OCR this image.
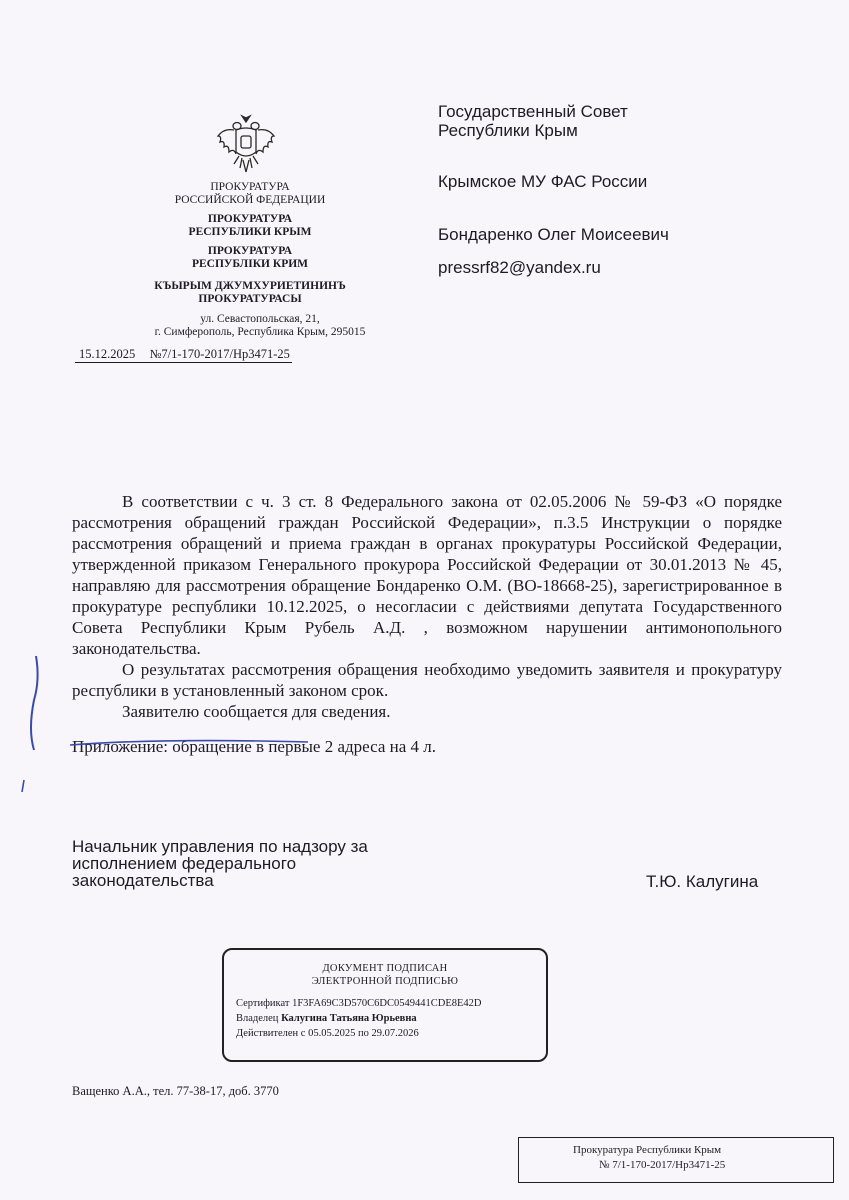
ПРОКУРАТУРА
РОССИЙСКОЙ ФЕДЕРАЦИИ
ПРОКУРАТУРА
РЕСПУБЛИКИ КРЫМ
ПРОКУРАТУРА
РЕСПУБЛІКИ КРИМ
КЪЫРЫМ ДЖУМХУРИЕТИНИНЪ
ПРОКУРАТУРАСЫ
ул. Севастопольская, 21,
г. Симферополь, Республика Крым, 295015
15.12.2025 №7/1-170-2017/Нр3471-25
Государственный Совет
Республики Крым
Крымское МУ ФАС России
Бондаренко Олег Моисеевич
pressrf82@yandex.ru

В соответствии с ч. 3 ст. 8 Федерального закона от 02.05.2006 № 59-ФЗ «О порядке рассмотрения обращений граждан Российской Федерации», п.3.5 Инструкции о порядке рассмотрения обращений и приема граждан в органах прокуратуры Российской Федерации, утвержденной приказом Генерального прокурора Российской Федерации от 30.01.2013 № 45, направляю для рассмотрения обращение Бондаренко О.М. (ВО-18668-25), зарегистрированное в прокуратуре республики 10.12.2025, о несогласии с действиями депутата Государственного Совета Республики Крым Рубель А.Д. , возможном нарушении антимонопольного законодательства.

О результатах рассмотрения обращения необходимо уведомить заявителя и прокуратуру республики в установленный законом срок.

Заявителю сообщается для сведения.

Приложение: обращение в первые 2 адреса на 4 л.

Начальник управления по надзору за
исполнением федерального
законодательства	Т.Ю. Калугина
ДОКУМЕНТ ПОДПИСАН
ЭЛЕКТРОННОЙ ПОДПИСЬЮ
Сертификат 1F3FA69C3D570C6DC0549441CDE8E42D
Владелец Калугина Татьяна Юрьевна
Действителен с 05.05.2025 по 29.07.2026
Ващенко А.А., тел. 77-38-17, доб. 3770
Прокуратура Республики Крым
№ 7/1-170-2017/Нр3471-25
